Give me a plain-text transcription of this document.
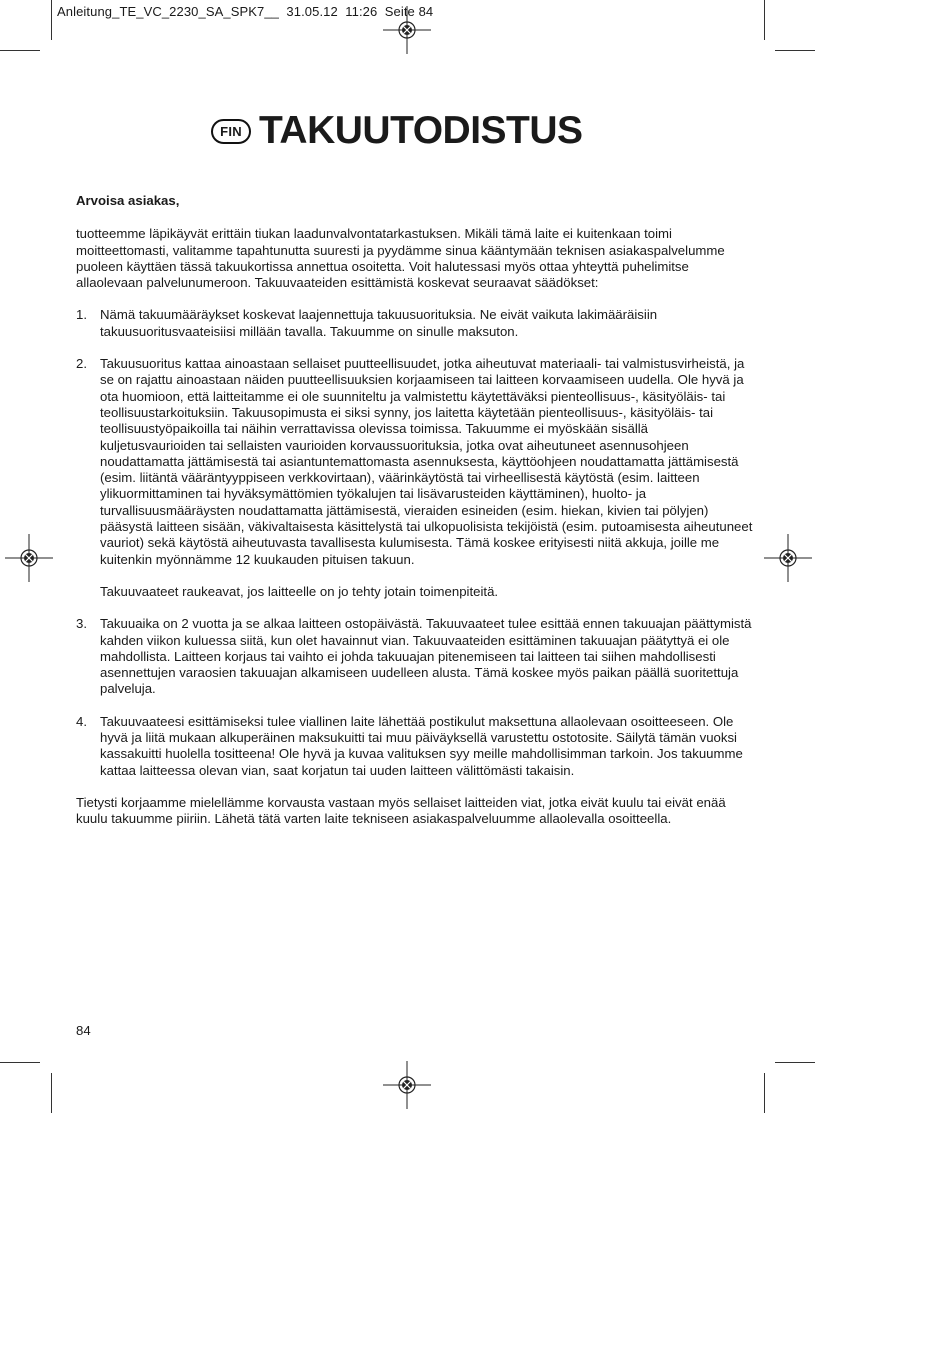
Anleitung_TE_VC_2230_SA_SPK7__  31.05.12  11:26  Seite 84
FIN TAKUUTODISTUS

Arvoisa asiakas,

tuotteemme läpikäyvät erittäin tiukan laadunvalvontatarkastuksen. Mikäli tämä laite ei kuitenkaan toimi moitteettomasti, valitamme tapahtunutta suuresti ja pyydämme sinua kääntymään teknisen asiakaspalvelumme puoleen käyttäen tässä takuukortissa annettua osoitetta. Voit halutessasi myös ottaa yhteyttä puhelimitse allaolevaan palvelunumeroon. Takuuvaateiden esittämistä koskevat seuraavat säädökset:

1. Nämä takuumääräykset koskevat laajennettuja takuusuorituksia. Ne eivät vaikuta lakimääräisiin takuusuoritusvaateisiisi millään tavalla. Takuumme on sinulle maksuton.

2. Takuusuoritus kattaa ainoastaan sellaiset puutteellisuudet, jotka aiheutuvat materiaali- tai valmistusvirheistä, ja se on rajattu ainoastaan näiden puutteellisuuksien korjaamiseen tai laitteen korvaamiseen uudella. Ole hyvä ja ota huomioon, että laitteitamme ei ole suunniteltu ja valmistettu käytettäväksi pienteollisuus-, käsityöläis- tai teollisuustarkoituksiin. Takuusopimusta ei siksi synny, jos laitetta käytetään pienteollisuus-, käsityöläis- tai teollisuustyöpaikoilla tai näihin verrattavissa olevissa toimissa. Takuumme ei myöskään sisällä kuljetusvaurioiden tai sellaisten vaurioiden korvaussuorituksia, jotka ovat aiheutuneet asennusohjeen noudattamatta jättämisestä tai asiantuntemattomasta asennuksesta, käyttöohjeen noudattamatta jättämisestä (esim. liitäntä vääräntyyppiseen verkkovirtaan), väärinkäytöstä tai virheellisestä käytöstä (esim. laitteen ylikuormittaminen tai hyväksymättömien työkalujen tai lisävarusteiden käyttäminen), huolto- ja turvallisuusmääräysten noudattamatta jättämisestä, vieraiden esineiden (esim. hiekan, kivien tai pölyjen) pääsystä laitteen sisään, väkivaltaisesta käsittelystä tai ulkopuolisista tekijöistä (esim. putoamisesta aiheutuneet vauriot) sekä käytöstä aiheutuvasta tavallisesta kulumisesta. Tämä koskee erityisesti niitä akkuja, joille me kuitenkin myönnämme 12 kuukauden pituisen takuun.

Takuuvaateet raukeavat, jos laitteelle on jo tehty jotain toimenpiteitä.

3. Takuuaika on 2 vuotta ja se alkaa laitteen ostopäivästä. Takuuvaateet tulee esittää ennen takuuajan päättymistä kahden viikon kuluessa siitä, kun olet havainnut vian. Takuuvaateiden esittäminen takuuajan päätyttyä ei ole mahdollista. Laitteen korjaus tai vaihto ei johda takuuajan pitenemiseen tai laitteen tai siihen mahdollisesti asennettujen varaosien takuuajan alkamiseen uudelleen alusta. Tämä koskee myös paikan päällä suoritettuja palveluja.

4. Takuuvaateesi esittämiseksi tulee viallinen laite lähettää postikulut maksettuna allaolevaan osoitteeseen. Ole hyvä ja liitä mukaan alkuperäinen maksukuitti tai muu päiväyksellä varustettu ostotosite. Säilytä tämän vuoksi kassakuitti huolella tositteena! Ole hyvä ja kuvaa valituksen syy meille mahdollisimman tarkoin. Jos takuumme kattaa laitteessa olevan vian, saat korjatun tai uuden laitteen välittömästi takaisin.

Tietysti korjaamme mielellämme korvausta vastaan myös sellaiset laitteiden viat, jotka eivät kuulu tai eivät enää kuulu takuumme piiriin. Lähetä tätä varten laite tekniseen asiakaspalveluumme allaolevalla osoitteella.

84
